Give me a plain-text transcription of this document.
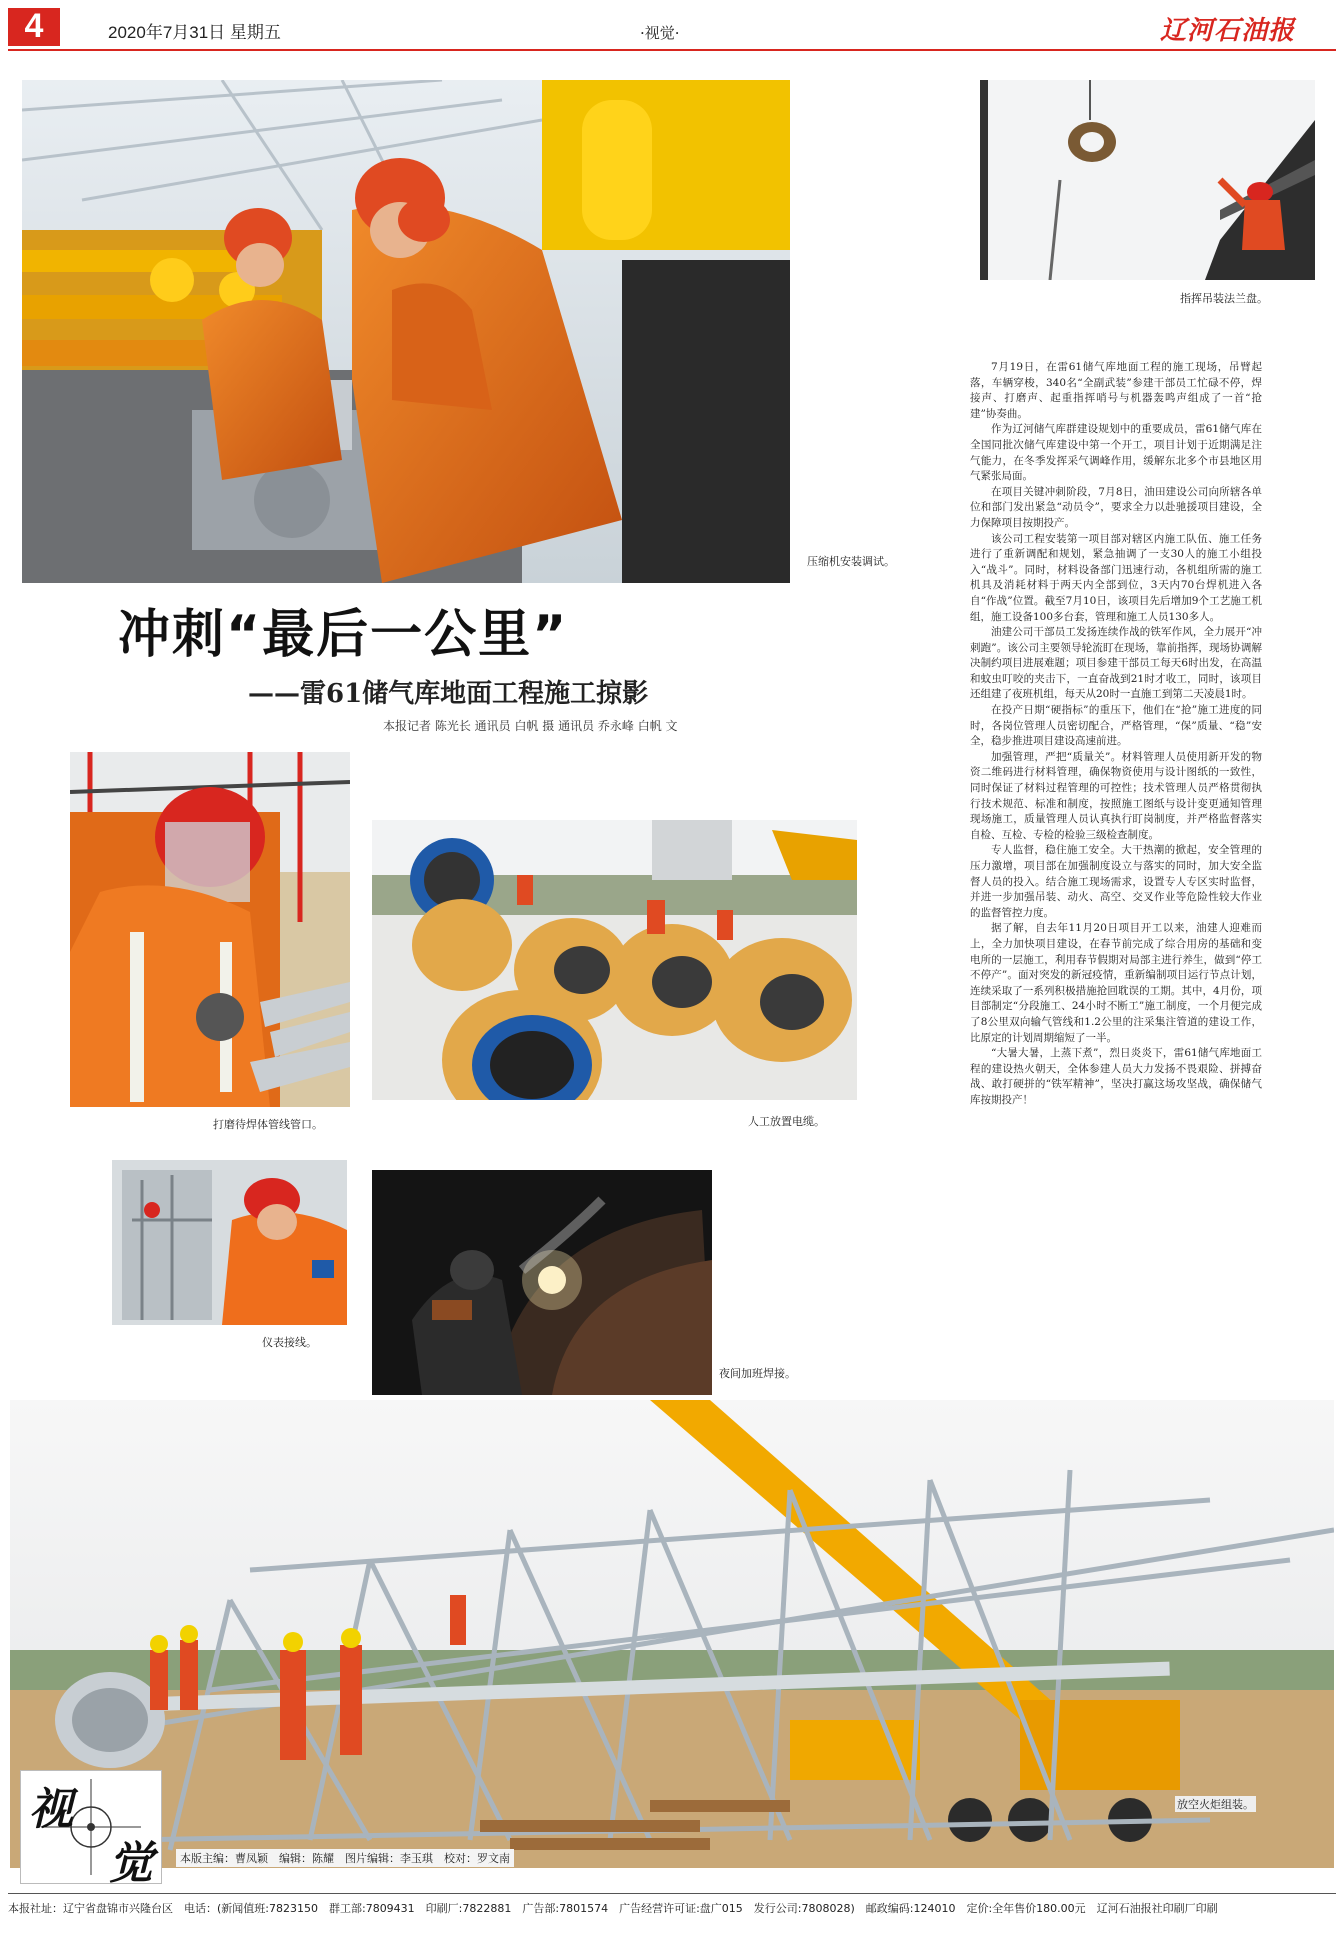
4	2020年7月31日 星期五	·视觉·	辽河石油报
压缩机安装调试。
指挥吊装法兰盘。
冲刺“最后一公里”
——雷61储气库地面工程施工掠影
本报记者 陈光长 通讯员 白帆 摄 通讯员 乔永峰 白帆 文

7月19日，在雷61储气库地面工程的施工现场，吊臂起落，车辆穿梭，340名“全副武装”参建干部员工忙碌不停，焊接声、打磨声、起重指挥哨号与机器轰鸣声组成了一首“抢建”协奏曲。

作为辽河储气库群建设规划中的重要成员，雷61储气库在全国同批次储气库建设中第一个开工，项目计划于近期满足注气能力，在冬季发挥采气调峰作用，缓解东北多个市县地区用气紧张局面。

在项目关键冲刺阶段，7月8日，油田建设公司向所辖各单位和部门发出紧急“动员令”，要求全力以赴驰援项目建设，全力保障项目按期投产。

该公司工程安装第一项目部对辖区内施工队伍、施工任务进行了重新调配和规划，紧急抽调了一支30人的施工小组投入“战斗”。同时，材料设备部门迅速行动，各机组所需的施工机具及消耗材料于两天内全部到位，3天内70台焊机进入各自“作战”位置。截至7月10日，该项目先后增加9个工艺施工机组，施工设备100多台套，管理和施工人员130多人。

油建公司干部员工发扬连续作战的铁军作风，全力展开“冲刺跑”。该公司主要领导轮流盯在现场，靠前指挥，现场协调解决制约项目进展难题；项目参建干部员工每天6时出发，在高温和蚊虫叮咬的夹击下，一直奋战到21时才收工，同时，该项目还组建了夜班机组，每天从20时一直施工到第二天凌晨1时。

在投产日期“硬指标”的重压下，他们在“抢”施工进度的同时，各岗位管理人员密切配合，严格管理，“保”质量、“稳”安全，稳步推进项目建设高速前进。

加强管理，严把“质量关”。材料管理人员使用新开发的物资二维码进行材料管理，确保物资使用与设计图纸的一致性，同时保证了材料过程管理的可控性；技术管理人员严格贯彻执行技术规范、标准和制度，按照施工图纸与设计变更通知管理现场施工，质量管理人员认真执行盯岗制度，并严格监督落实自检、互检、专检的检验三级检查制度。

专人监督，稳住施工安全。大干热潮的掀起，安全管理的压力激增，项目部在加强制度设立与落实的同时，加大安全监督人员的投入。结合施工现场需求，设置专人专区实时监督，并进一步加强吊装、动火、高空、交叉作业等危险性较大作业的监督管控力度。

据了解，自去年11月20日项目开工以来，油建人迎难而上，全力加快项目建设，在春节前完成了综合用房的基础和变电所的一层施工，利用春节假期对局部主进行养生，做到“停工不停产”。面对突发的新冠疫情，重新编制项目运行节点计划，连续采取了一系列积极措施抢回耽误的工期。其中，4月份，项目部制定“分段施工、24小时不断工”施工制度，一个月便完成了8公里双向输气管线和1.2公里的注采集注管道的建设工作，比原定的计划周期缩短了一半。

“大暑大暑，上蒸下煮”，烈日炎炎下，雷61储气库地面工程的建设热火朝天，全体参建人员大力发扬不畏艰险、拼搏奋战、敢打硬拼的“铁军精神”，坚决打赢这场攻坚战，确保储气库按期投产！

打磨待焊体管线管口。	人工放置电缆。
仪表接线。
夜间加班焊接。
放空火炬组装。
视
觉	本版主编：曹凤颖　编辑：陈耀　图片编辑：李玉琪　校对：罗文南
本报社址：辽宁省盘锦市兴隆台区　电话：(新闻值班:7823150　群工部:7809431　印刷厂:7822881　广告部:7801574　广告经营许可证:盘广015　发行公司:7808028)　邮政编码:124010　定价:全年售价180.00元　辽河石油报社印刷厂印刷
